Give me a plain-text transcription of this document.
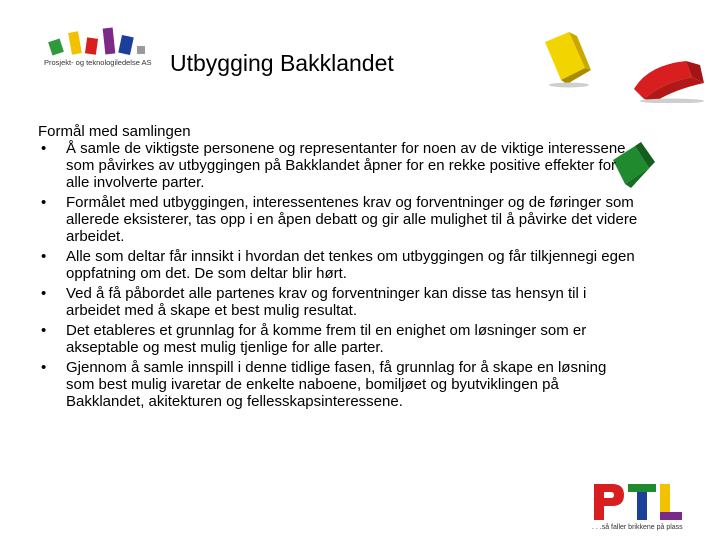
Prosjekt- og teknologiledelse AS Utbygging Bakklandet
Formål med samlingen
• Å samle de viktigste personene og representanter for noen av de viktige interessene som påvirkes av utbyggingen på Bakklandet åpner for en rekke positive effekter for alle involverte parter.
• Formålet med utbyggingen, interessentenes krav og forventninger og de føringer som allerede eksisterer, tas opp i en åpen debatt og gir alle mulighet til å påvirke det videre arbeidet.
• Alle som deltar får innsikt i hvordan det tenkes om utbyggingen og får tilkjennegi egen oppfatning om det. De som deltar blir hørt.
• Ved å få påbordet alle partenes krav og forventninger kan disse tas hensyn til i arbeidet med å skape et best mulig resultat.
• Det etableres et grunnlag for å komme frem til en enighet om løsninger som er akseptable og mest mulig tjenlige for alle parter.
• Gjennom å samle innspill i denne tidlige fasen, få grunnlag for å skape en løsning som best mulig ivaretar de enkelte naboene, bomiljøet og byutviklingen på Bakklandet, akitekturen og fellesskapsinteressene.
. . .så faller brikkene på plass
